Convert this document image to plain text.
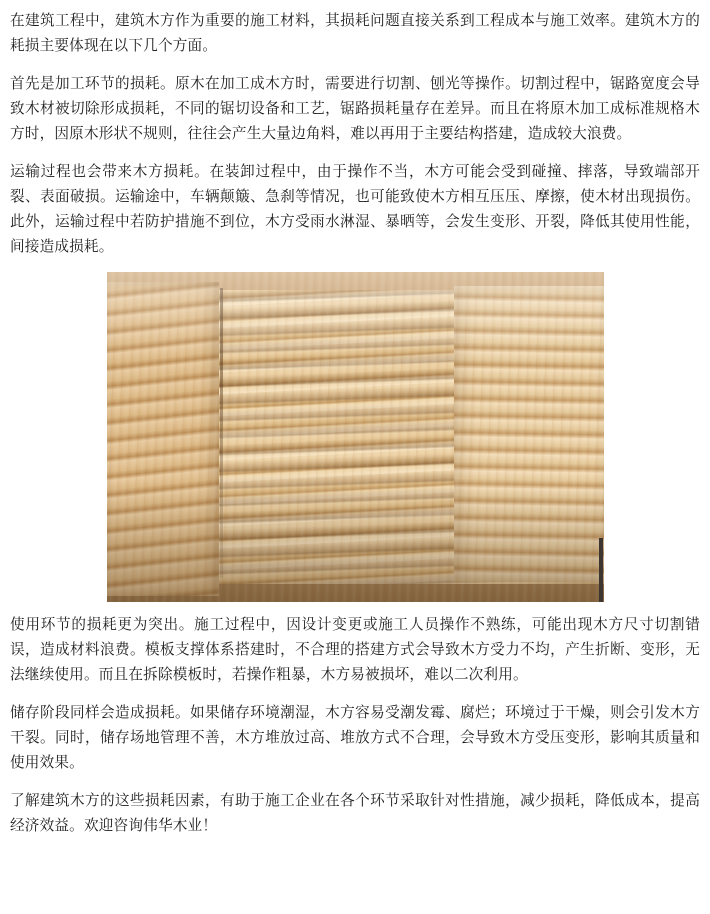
在建筑工程中，建筑木方作为重要的施工材料，其损耗问题直接关系到工程成本与施工效率。建筑木方的耗损主要体现在以下几个方面。

首先是加工环节的损耗。原木在加工成木方时，需要进行切割、刨光等操作。切割过程中，锯路宽度会导致木材被切除形成损耗，不同的锯切设备和工艺，锯路损耗量存在差异。而且在将原木加工成标准规格木方时，因原木形状不规则，往往会产生大量边角料，难以再用于主要结构搭建，造成较大浪费。

运输过程也会带来木方损耗。在装卸过程中，由于操作不当，木方可能会受到碰撞、摔落，导致端部开裂、表面破损。运输途中，车辆颠簸、急刹等情况，也可能致使木方相互压压、摩擦，使木材出现损伤。此外，运输过程中若防护措施不到位，木方受雨水淋湿、暴晒等，会发生变形、开裂，降低其使用性能，间接造成损耗。

使用环节的损耗更为突出。施工过程中，因设计变更或施工人员操作不熟练，可能出现木方尺寸切割错误，造成材料浪费。模板支撑体系搭建时，不合理的搭建方式会导致木方受力不均，产生折断、变形，无法继续使用。而且在拆除模板时，若操作粗暴，木方易被损坏，难以二次利用。

储存阶段同样会造成损耗。如果储存环境潮湿，木方容易受潮发霉、腐烂；环境过于干燥，则会引发木方干裂。同时，储存场地管理不善，木方堆放过高、堆放方式不合理，会导致木方受压变形，影响其质量和使用效果。

了解建筑木方的这些损耗因素，有助于施工企业在各个环节采取针对性措施，减少损耗，降低成本，提高经济效益。欢迎咨询伟华木业！
